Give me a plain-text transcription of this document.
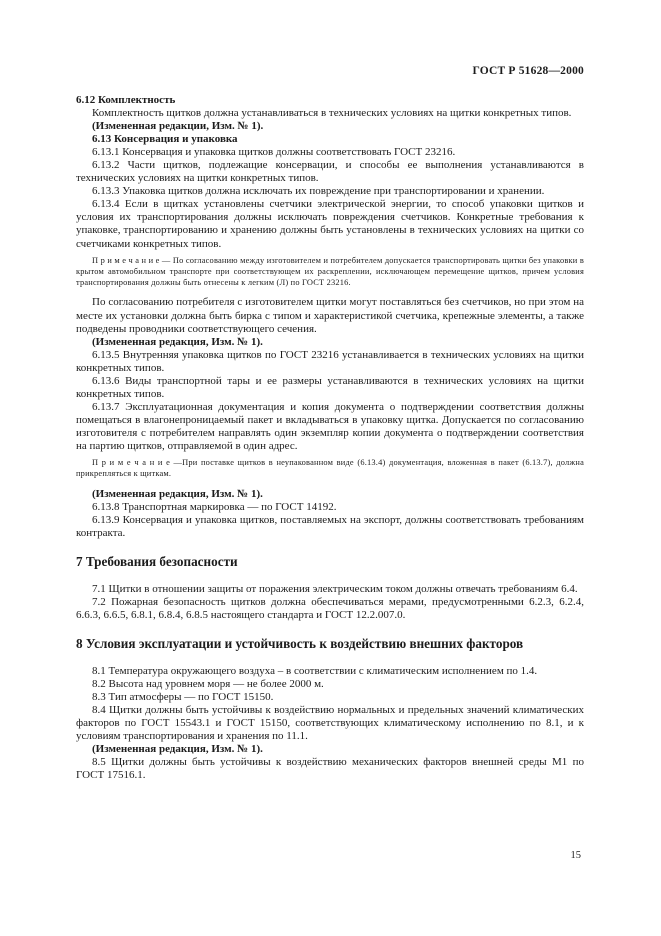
ГОСТ Р 51628—2000

6.12 Комплектность

Комплектность щитков должна устанавливаться в технических условиях на щитки конкретных типов.

(Измененная редакции, Изм. № 1).

6.13 Консервация и упаковка

6.13.1 Консервация и упаковка щитков должны соответствовать ГОСТ 23216.

6.13.2 Части щитков, подлежащие консервации, и способы ее выполнения устанавливаются в технических условиях на щитки конкретных типов.

6.13.3 Упаковка щитков должна исключать их повреждение при транспортировании и хранении.

6.13.4 Если в щитках установлены счетчики электрической энергии, то способ упаковки щитков и условия их транспортирования должны исключать повреждения счетчиков. Конкретные требования к упаковке, транспортированию и хранению должны быть установлены в технических условиях на щитки со счетчиками конкретных типов.

П р и м е ч а н и е — По согласованию между изготовителем и потребителем допускается транспортировать щитки без упаковки в крытом автомобильном транспорте при соответствующем их раскреплении, исключающем перемещение щитков, причем условия транспортирования должны быть отнесены к легким (Л) по ГОСТ 23216.

По согласованию потребителя с изготовителем щитки могут поставляться без счетчиков, но при этом на месте их установки должна быть бирка с типом и характеристикой счетчика, крепежные элементы, а также подведены проводники соответствующего сечения.

(Измененная редакция, Изм. № 1).

6.13.5 Внутренняя упаковка щитков по ГОСТ 23216 устанавливается в технических условиях на щитки конкретных типов.

6.13.6 Виды транспортной тары и ее размеры устанавливаются в технических условиях на щитки конкретных типов.

6.13.7 Эксплуатационная документация и копия документа о подтверждении соответствия должны помещаться в влагонепроницаемый пакет и вкладываться в упаковку щитка. Допускается по согласованию изготовителя с потребителем направлять один экземпляр копии документа о подтверждении соответствия на партию щитков, отправляемой в один адрес.

П р и м е ч а н и е —При поставке щитков в неупакованном виде (6.13.4) документация, вложенная в пакет (6.13.7), должна прикрепляться к щиткам.

(Измененная редакция, Изм. № 1).

6.13.8 Транспортная маркировка — по ГОСТ 14192.

6.13.9 Консервация и упаковка щитков, поставляемых на экспорт, должны соответствовать требованиям контракта.

7 Требования безопасности

7.1 Щитки в отношении защиты от поражения электрическим током должны отвечать требованиям 6.4.

7.2 Пожарная безопасность щитков должна обеспечиваться мерами, предусмотренными 6.2.3, 6.2.4, 6.6.3, 6.6.5, 6.8.1, 6.8.4, 6.8.5 настоящего стандарта и ГОСТ 12.2.007.0.

8 Условия эксплуатации и устойчивость к воздействию внешних факторов

8.1 Температура окружающего воздуха – в соответствии с климатическим исполнением по 1.4.

8.2 Высота над уровнем моря — не более 2000 м.

8.3 Тип атмосферы — по ГОСТ 15150.

8.4 Щитки должны быть устойчивы к воздействию нормальных и предельных значений климатических факторов по ГОСТ 15543.1 и ГОСТ 15150, соответствующих климатическому исполнению по 8.1, и к условиям транспортирования и хранения по 11.1.

(Измененная редакция, Изм. № 1).

8.5 Щитки должны быть устойчивы к воздействию механических факторов внешней среды М1 по ГОСТ 17516.1.

15
